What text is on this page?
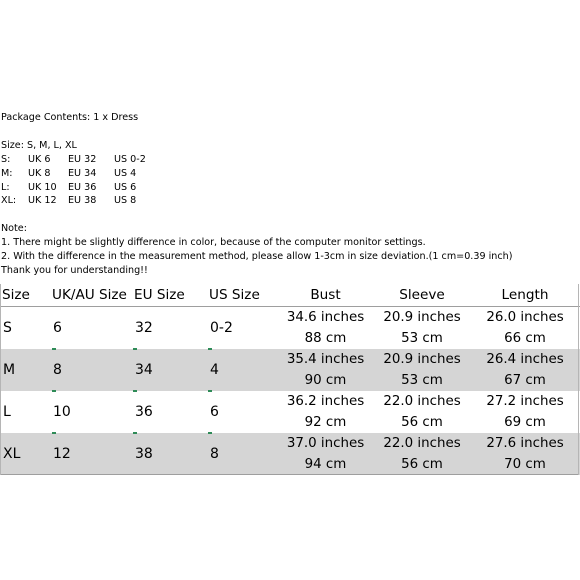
Package Contents: 1 x Dress
Size: S, M, L, XL
S:	UK 6	EU 32	US 0-2
M:	UK 8	EU 34	US 4
L:	UK 10	EU 36	US 6
XL:	UK 12	EU 38	US 8
Note:
1. There might be slightly difference in color, because of the computer monitor settings.
2. With the difference in the measurement method, please allow 1-3cm in size deviation.(1 cm=0.39 inch)
Thank you for understanding!!
Size	UK/AU Size	EU Size	US Size	Bust	Sleeve	Length
S	6	32	0-2	34.6 inches	20.9 inches	26.0 inches
				88 cm	53 cm	66 cm
M	8	34	4	35.4 inches	20.9 inches	26.4 inches
				90 cm	53 cm	67 cm
L	10	36	6	36.2 inches	22.0 inches	27.2 inches
				92 cm	56 cm	69 cm
XL	12	38	8	37.0 inches	22.0 inches	27.6 inches
				94 cm	56 cm	70 cm
